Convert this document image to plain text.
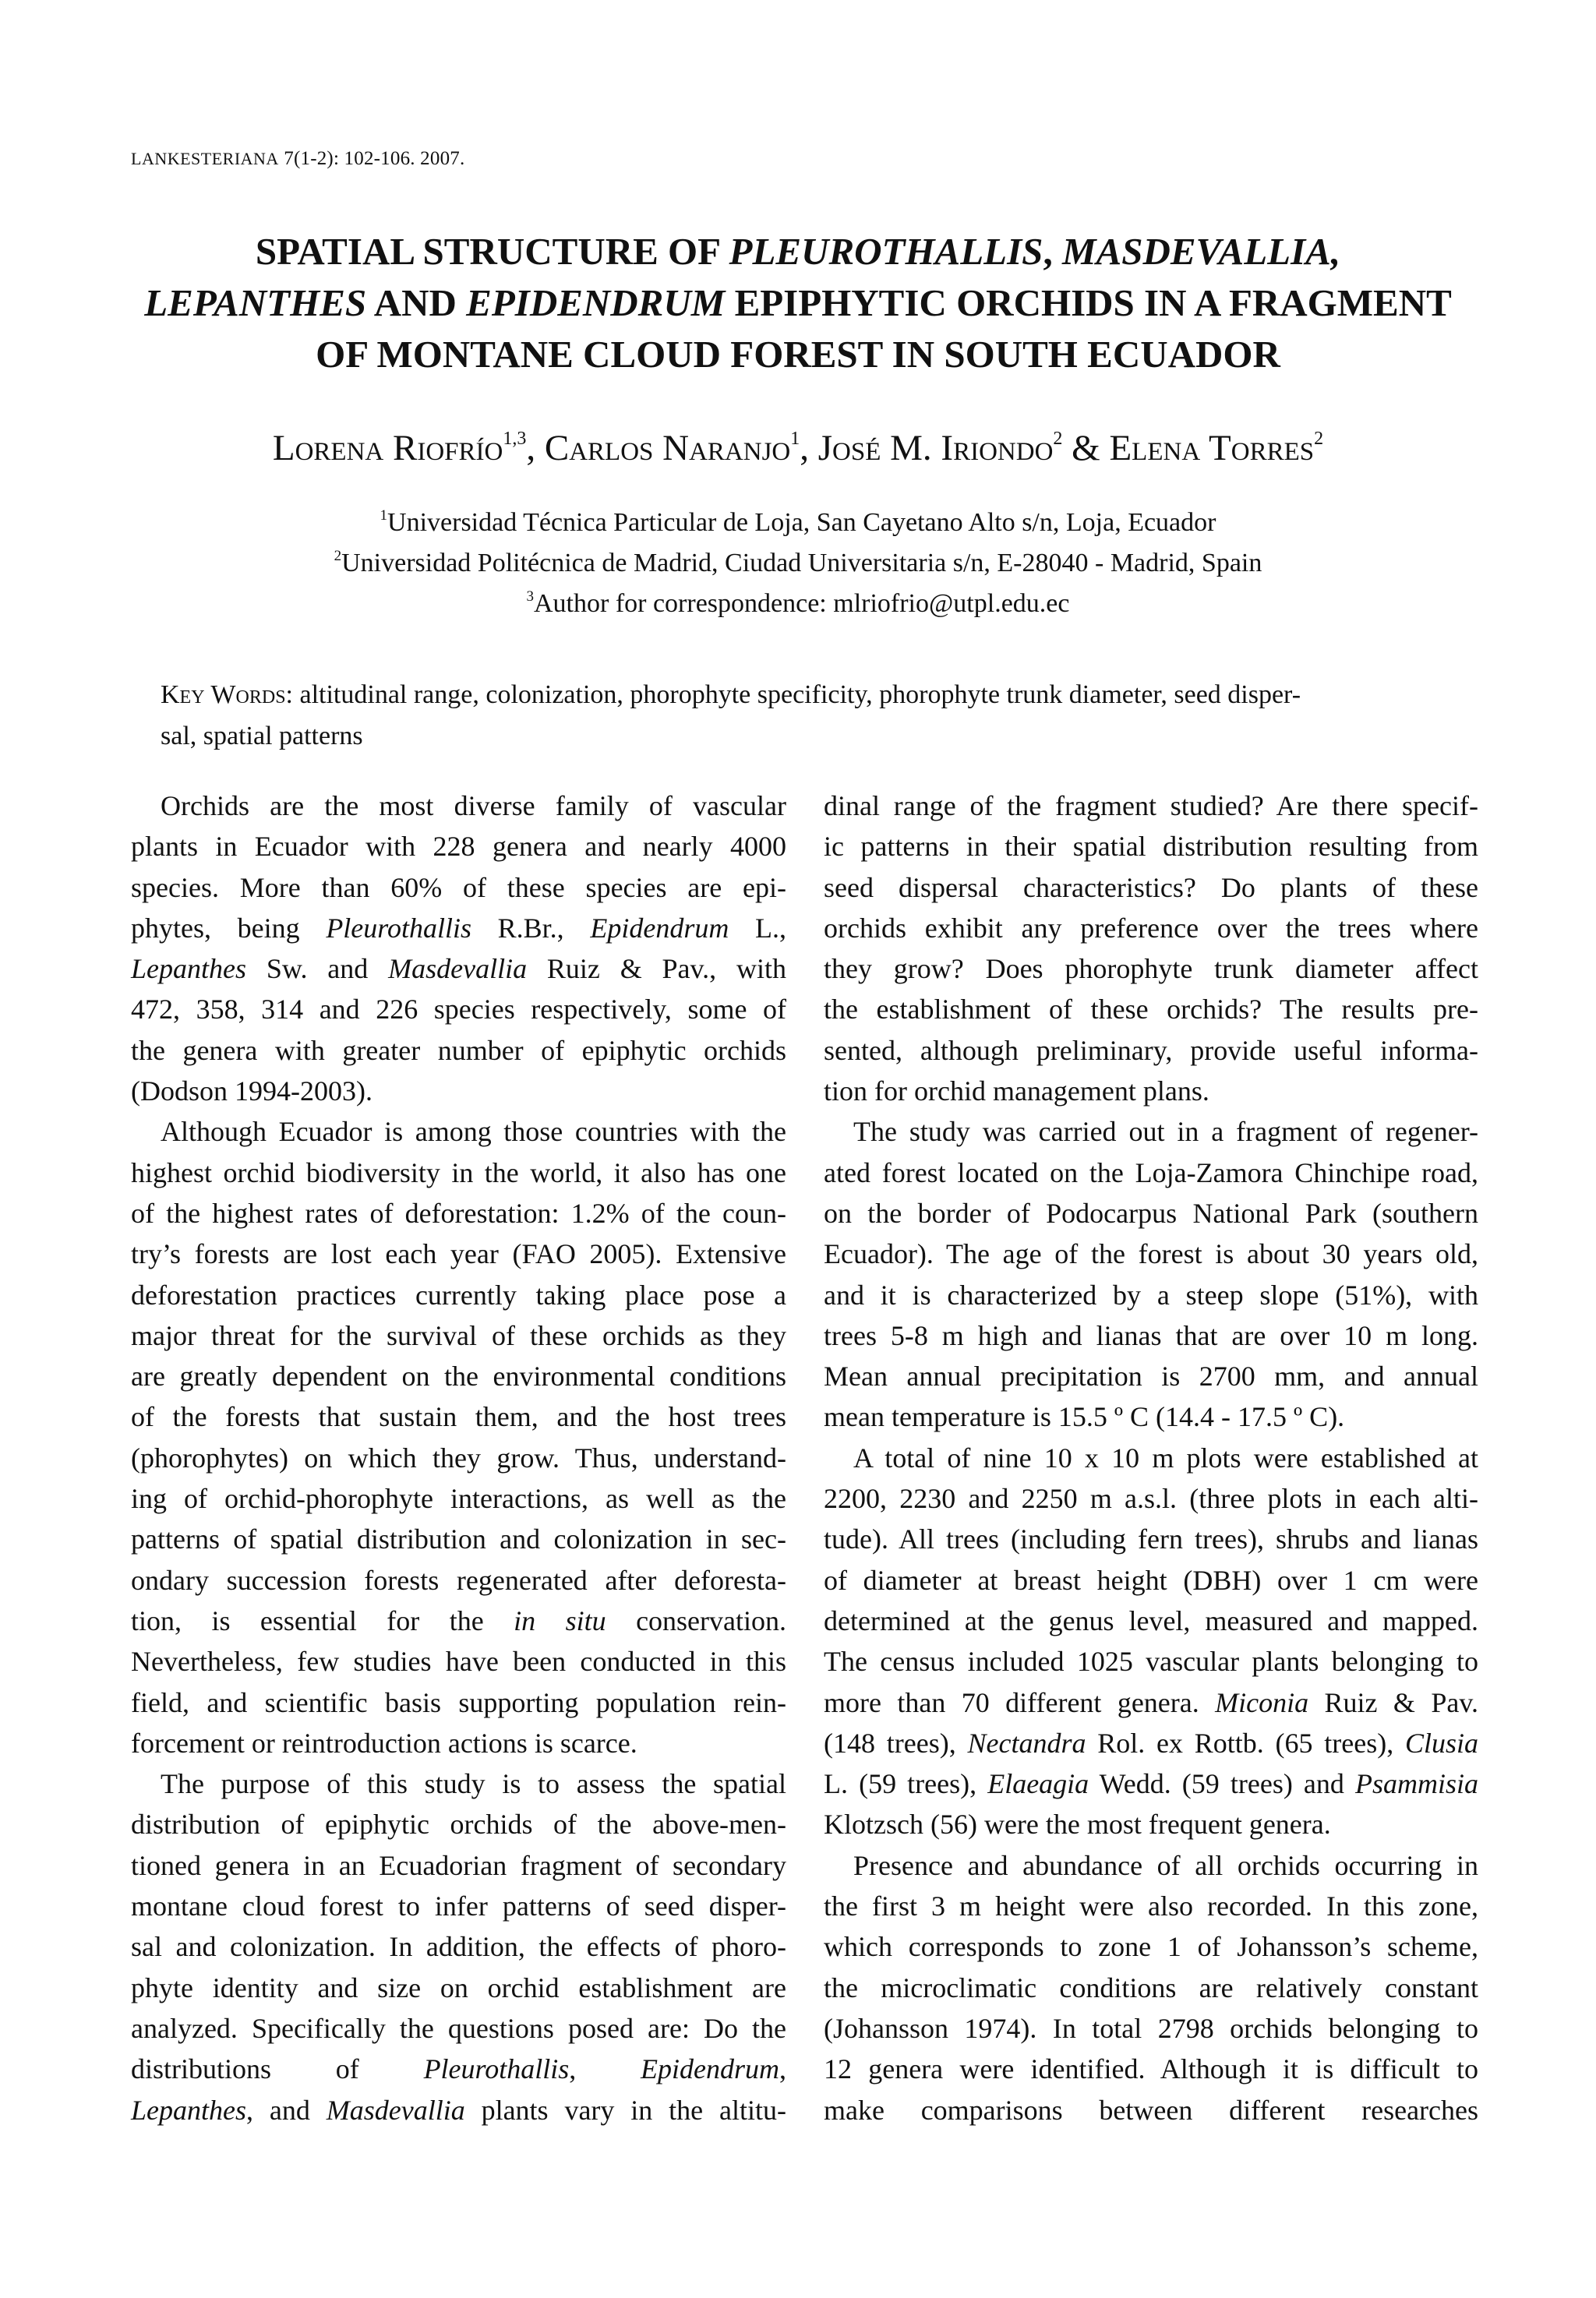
LANKESTERIANA 7(1-2): 102-106. 2007.
SPATIAL STRUCTURE OF PLEUROTHALLIS, MASDEVALLIA,
LEPANTHES AND EPIDENDRUM EPIPHYTIC ORCHIDS IN A FRAGMENT
OF MONTANE CLOUD FOREST IN SOUTH ECUADOR
Lorena Riofrío$^{1,3}$, Carlos Naranjo$^1$, José M. Iriondo$^2$ & Elena Torres$^2$
$^1$Universidad Técnica Particular de Loja, San Cayetano Alto s/n, Loja, Ecuador
$^2$Universidad Politécnica de Madrid, Ciudad Universitaria s/n, E-28040 - Madrid, Spain
$^3$Author for correspondence: mlriofrio@utpl.edu.ec
Key Words: altitudinal range, colonization, phorophyte specificity, phorophyte trunk diameter, seed disper-
sal, spatial patterns
Orchids are the most diverse family of vascular
plants in Ecuador with 228 genera and nearly 4000
species. More than 60% of these species are epi-
phytes, being Pleurothallis R.Br., Epidendrum L.,
Lepanthes Sw. and Masdevallia Ruiz & Pav., with
472, 358, 314 and 226 species respectively, some of
the genera with greater number of epiphytic orchids
(Dodson 1994-2003).
Although Ecuador is among those countries with the
highest orchid biodiversity in the world, it also has one
of the highest rates of deforestation: 1.2% of the coun-
try’s forests are lost each year (FAO 2005). Extensive
deforestation practices currently taking place pose a
major threat for the survival of these orchids as they
are greatly dependent on the environmental conditions
of the forests that sustain them, and the host trees
(phorophytes) on which they grow. Thus, understand-
ing of orchid-phorophyte interactions, as well as the
patterns of spatial distribution and colonization in sec-
ondary succession forests regenerated after deforesta-
tion, is essential for the in situ conservation.
Nevertheless, few studies have been conducted in this
field, and scientific basis supporting population rein-
forcement or reintroduction actions is scarce.
The purpose of this study is to assess the spatial
distribution of epiphytic orchids of the above-men-
tioned genera in an Ecuadorian fragment of secondary
montane cloud forest to infer patterns of seed disper-
sal and colonization. In addition, the effects of phoro-
phyte identity and size on orchid establishment are
analyzed. Specifically the questions posed are: Do the
distributions of Pleurothallis, Epidendrum,
Lepanthes, and Masdevallia plants vary in the altitu-
dinal range of the fragment studied? Are there specif-
ic patterns in their spatial distribution resulting from
seed dispersal characteristics? Do plants of these
orchids exhibit any preference over the trees where
they grow? Does phorophyte trunk diameter affect
the establishment of these orchids? The results pre-
sented, although preliminary, provide useful informa-
tion for orchid management plans.
The study was carried out in a fragment of regener-
ated forest located on the Loja-Zamora Chinchipe road,
on the border of Podocarpus National Park (southern
Ecuador). The age of the forest is about 30 years old,
and it is characterized by a steep slope (51%), with
trees 5-8 m high and lianas that are over 10 m long.
Mean annual precipitation is 2700 mm, and annual
mean temperature is 15.5 º C (14.4 - 17.5 º C).
A total of nine 10 x 10 m plots were established at
2200, 2230 and 2250 m a.s.l. (three plots in each alti-
tude). All trees (including fern trees), shrubs and lianas
of diameter at breast height (DBH) over 1 cm were
determined at the genus level, measured and mapped.
The census included 1025 vascular plants belonging to
more than 70 different genera. Miconia Ruiz & Pav.
(148 trees), Nectandra Rol. ex Rottb. (65 trees), Clusia
L. (59 trees), Elaeagia Wedd. (59 trees) and Psammisia
Klotzsch (56) were the most frequent genera.
Presence and abundance of all orchids occurring in
the first 3 m height were also recorded. In this zone,
which corresponds to zone 1 of Johansson’s scheme,
the microclimatic conditions are relatively constant
(Johansson 1974). In total 2798 orchids belonging to
12 genera were identified. Although it is difficult to
make comparisons between different researches
